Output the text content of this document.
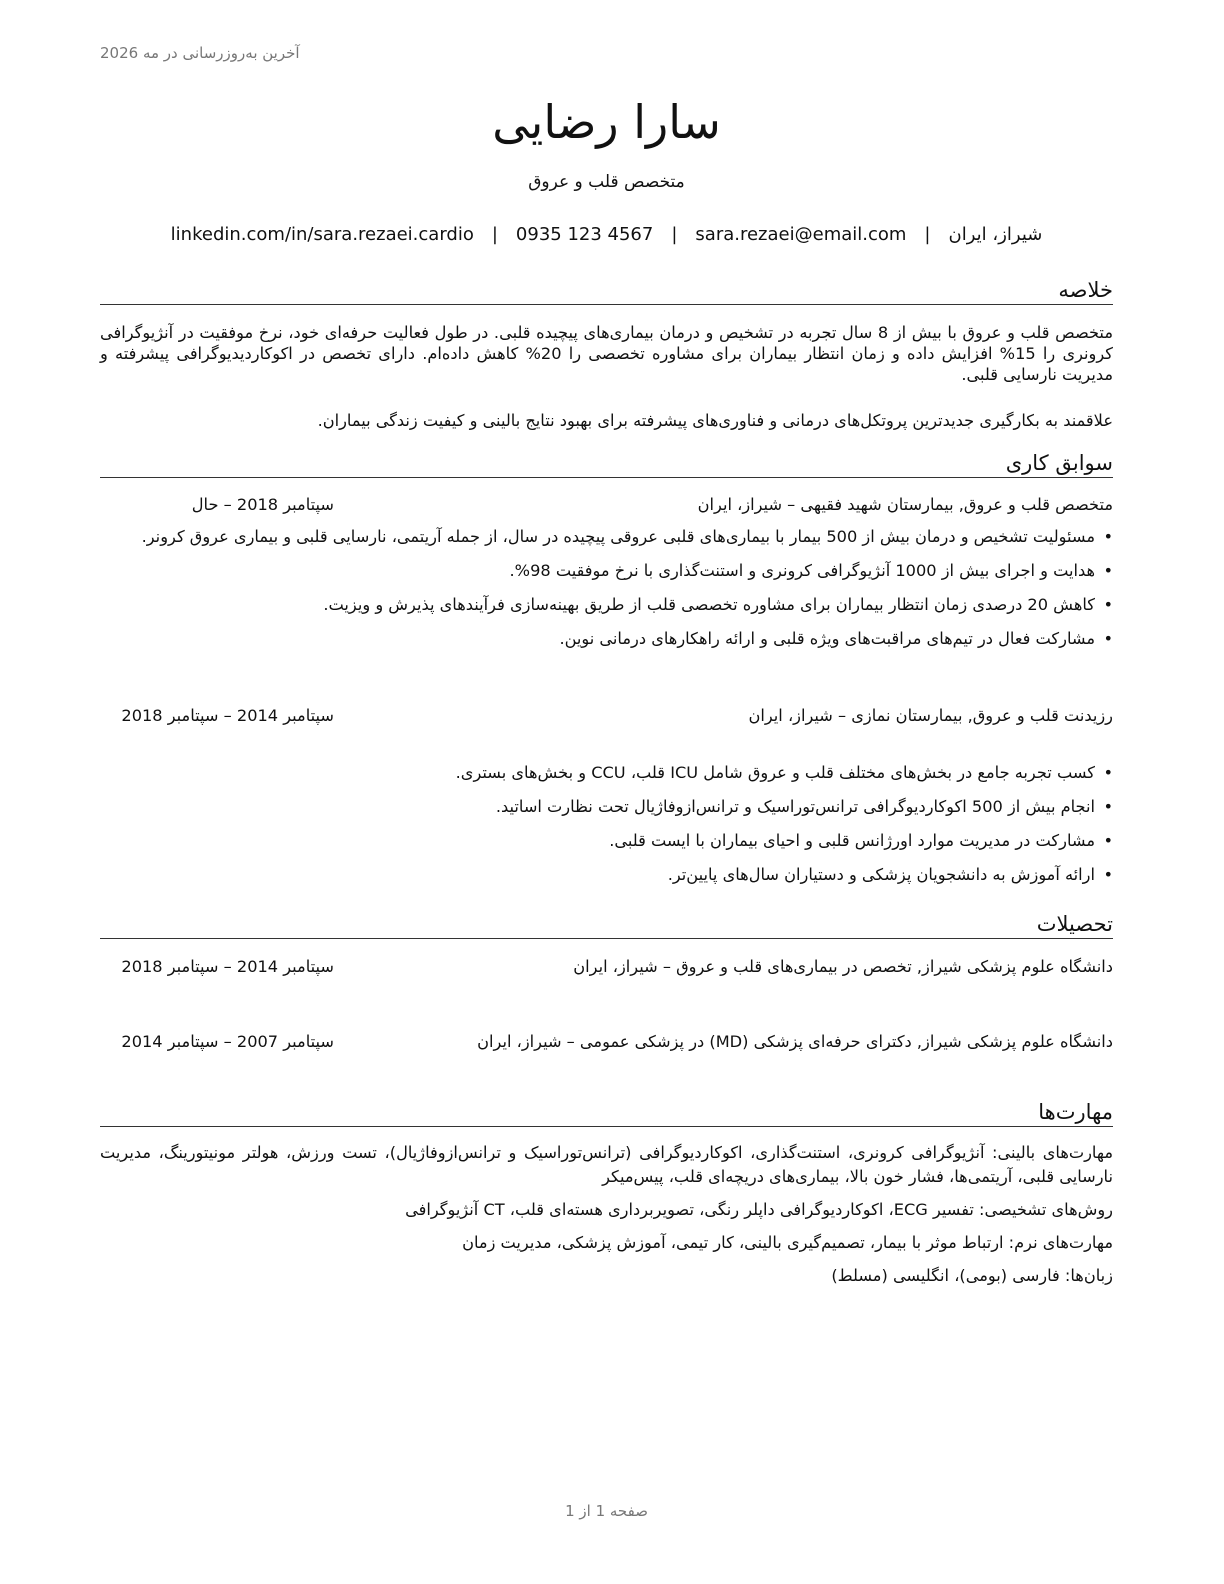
آخرین به‌روزرسانی در مه 2026
سارا رضایی
متخصص قلب و عروق
شیراز، ایران
|
sara.rezaei@email.com
|
0935 123 4567
|
linkedin.com/in/sara.rezaei.cardio
خلاصه

متخصص قلب و عروق با بیش از 8 سال تجربه در تشخیص و درمان بیماری‌های پیچیده قلبی. در طول فعالیت حرفه‌ای خود، نرخ موفقیت در آنژیوگرافی کرونری را 15% افزایش داده و زمان انتظار بیماران برای مشاوره تخصصی را 20% کاهش داده‌ام. دارای تخصص در اکوکاردیدیوگرافی پیشرفته و مدیریت نارسایی قلبی.

علاقمند به بکارگیری جدیدترین پروتکل‌های درمانی و فناوری‌های پیشرفته برای بهبود نتایج بالینی و کیفیت زندگی بیماران.

سوابق کاری
متخصص قلب و عروق, بیمارستان شهید فقیهی – شیراز، ایران
سپتامبر 2018 – حال
• مسئولیت تشخیص و درمان بیش از 500 بیمار با بیماری‌های قلبی عروقی پیچیده در سال، از جمله آریتمی، نارسایی قلبی و بیماری عروق کرونر.
• هدایت و اجرای بیش از 1000 آنژیوگرافی کرونری و استنت‌گذاری با نرخ موفقیت 98%.
• کاهش 20 درصدی زمان انتظار بیماران برای مشاوره تخصصی قلب از طریق بهینه‌سازی فرآیندهای پذیرش و ویزیت.
• مشارکت فعال در تیم‌های مراقبت‌های ویژه قلبی و ارائه راهکارهای درمانی نوین.
رزیدنت قلب و عروق, بیمارستان نمازی – شیراز، ایران
سپتامبر 2014 – سپتامبر 2018
• کسب تجربه جامع در بخش‌های مختلف قلب و عروق شامل ICU قلب، CCU و بخش‌های بستری.
• انجام بیش از 500 اکوکاردیوگرافی ترانس‌توراسیک و ترانس‌ازوفاژیال تحت نظارت اساتید.
• مشارکت در مدیریت موارد اورژانس قلبی و احیای بیماران با ایست قلبی.
• ارائه آموزش به دانشجویان پزشکی و دستیاران سال‌های پایین‌تر.
تحصیلات
دانشگاه علوم پزشکی شیراز, تخصص در بیماری‌های قلب و عروق – شیراز، ایران
سپتامبر 2014 – سپتامبر 2018
دانشگاه علوم پزشکی شیراز, دکترای حرفه‌ای پزشکی (MD) در پزشکی عمومی – شیراز، ایران
سپتامبر 2007 – سپتامبر 2014
مهارت‌ها

مهارت‌های بالینی: آنژیوگرافی کرونری، استنت‌گذاری، اکوکاردیوگرافی (ترانس‌توراسیک و ترانس‌ازوفاژیال)، تست ورزش، هولتر مونیتورینگ، مدیریت نارسایی قلبی، آریتمی‌ها، فشار خون بالا، بیماری‌های دریچه‌ای قلب، پیس‌میکر

روش‌های تشخیصی: تفسیر ECG، اکوکاردیوگرافی داپلر رنگی، تصویربرداری هسته‌ای قلب، CT آنژیوگرافی

مهارت‌های نرم: ارتباط موثر با بیمار، تصمیم‌گیری بالینی، کار تیمی، آموزش پزشکی، مدیریت زمان

زبان‌ها: فارسی (بومی)، انگلیسی (مسلط)

صفحه 1 از 1
